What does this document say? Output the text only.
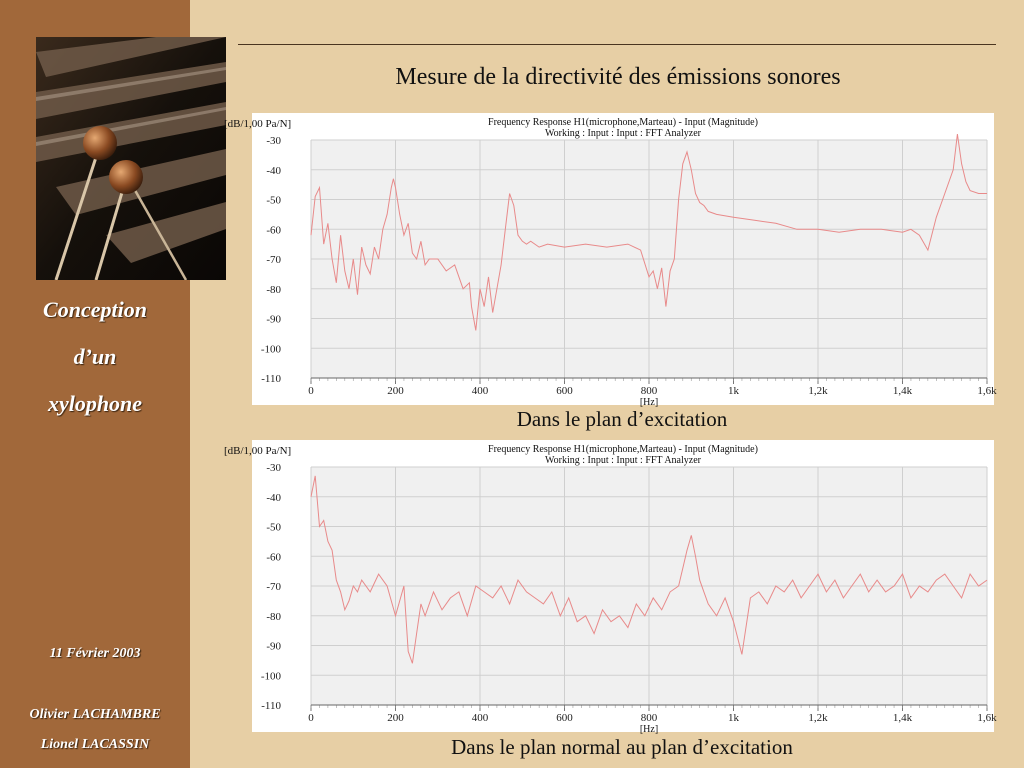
Conception
d’un
xylophone
11 Février 2003
Olivier LACHAMBRE
Lionel LACASSIN
Mesure de la directivité des émissions sonores
-30
-40
-50
-60
-70
-80
-90
-100
-110
0	200	400	600	800	1k	1,2k	1,4k	1,6k
Frequency Response H1(microphone,Marteau) - Input (Magnitude)
Working : Input : Input : FFT Analyzer
[dB/1,00 Pa/N]
[Hz]
Dans le plan d’excitation
-30
-40
-50
-60
-70
-80
-90
-100
-110
0	200	400	600	800	1k	1,2k	1,4k	1,6k
Frequency Response H1(microphone,Marteau) - Input (Magnitude)
Working : Input : Input : FFT Analyzer
[dB/1,00 Pa/N]
[Hz]
Dans le plan normal au plan d’excitation
